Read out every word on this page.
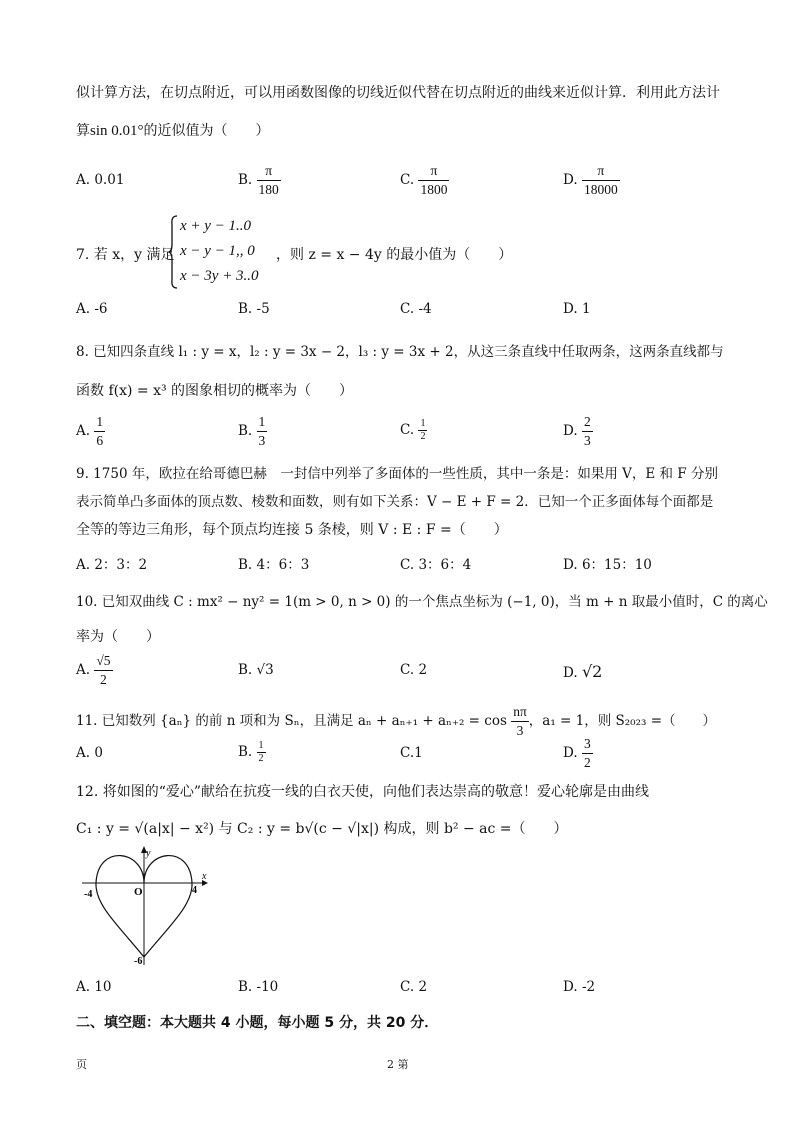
似计算方法，在切点附近，可以用函数图像的切线近似代替在切点附近的曲线来近似计算．利用此方法计
算sin 0.01°的近似值为（　　）
A. 0.01	B. $\frac{\pi}{180}$	C. $\frac{\pi}{1800}$	D. $\frac{\pi}{18000}$
7. 若 x，y 满足
x + y − 1..0
x − y − 1,, 0
x − 3y + 3..0
，则 z = x − 4y 的最小值为（　　）
A. -6	B. -5	C. -4	D. 1
8. 已知四条直线 l₁ : y = x，l₂ : y = 3x − 2，l₃ : y = 3x + 2，从这三条直线中任取两条，这两条直线都与
函数 f(x) = x³ 的图象相切的概率为（　　）
A. $\frac{1}{6}$	B. $\frac{1}{3}$	C. $\frac{1}{2}$	D. $\frac{2}{3}$
9. 1750 年，欧拉在给哥德巴赫　一封信中列举了多面体的一些性质，其中一条是：如果用 V，E 和 F 分别
表示简单凸多面体的顶点数、棱数和面数，则有如下关系：V − E + F = 2．已知一个正多面体每个面都是
全等的等边三角形，每个顶点均连接 5 条棱，则 V : E : F =（　　）
A. 2：3：2	B. 4：6：3	C. 3：6：4	D. 6：15：10
10. 已知双曲线 C : mx² − ny² = 1(m > 0, n > 0) 的一个焦点坐标为 (−1, 0)，当 m + n 取最小值时，C 的离心
率为（　　）
A. $\frac{√5}{2}$	B. √3	C. 2	D. √2
11. 已知数列 {aₙ} 的前 n 项和为 Sₙ，且满足 $a_n + a_{n+1} + a_{n+2} = \cos \frac{n\pi}{3}$ ，a₁ = 1，则 S₂₀₂₃ =（　　）
A. 0	B. $\frac{1}{2}$	C.1	D. $\frac{3}{2}$
12. 将如图的“爱心”献给在抗疫一线的白衣天使，向他们表达崇高的敬意！爱心轮廓是由曲线
C₁ : y = √(a|x| − x²) 与 C₂ : y = b√(c − √|x|) 构成，则 b² − ac =（　　）
y
x
O
-4	4
-6
A. 10	B. -10	C. 2	D. -2
二、填空题：本大题共 4 小题，每小题 5 分，共 20 分．
页	2 第
